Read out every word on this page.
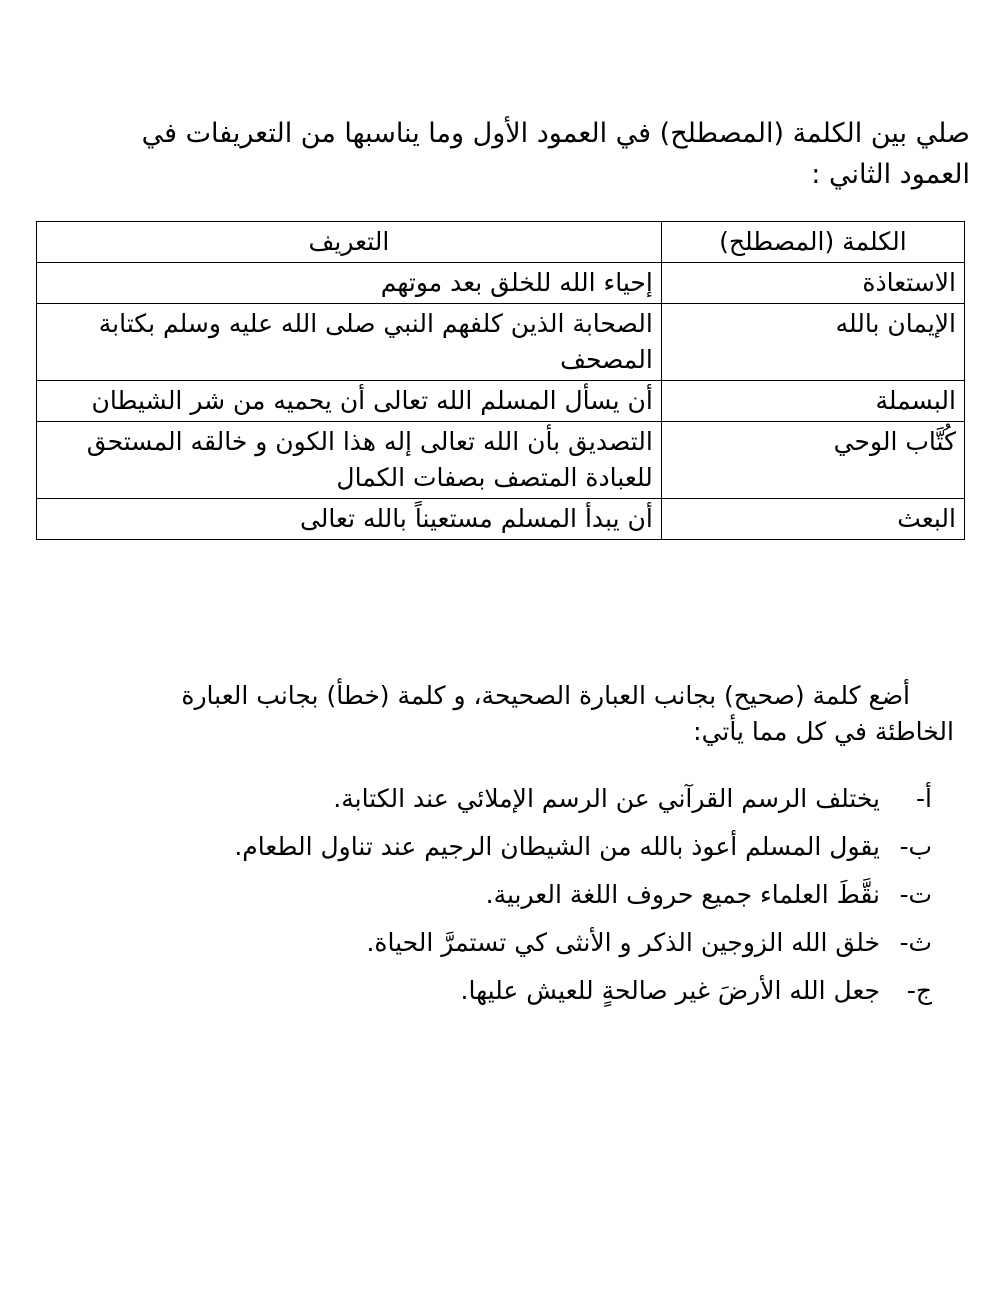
صلي بين الكلمة (المصطلح) في العمود الأول وما يناسبها من التعريفات في العمود الثاني :

الكلمة (المصطلح)	التعريف
الاستعاذة	إحياء الله للخلق بعد موتهم
الإيمان بالله	الصحابة الذين كلفهم النبي صلى الله عليه وسلم بكتابة المصحف
البسملة	أن يسأل المسلم الله تعالى أن يحميه من شر الشيطان
كُتَّاب الوحي	التصديق بأن الله تعالى إله هذا الكون و خالقه المستحق للعبادة المتصف بصفات الكمال
البعث	أن يبدأ المسلم مستعيناً بالله تعالى

أضع كلمة (صحيح) بجانب العبارة الصحيحة، و كلمة (خطأ) بجانب العبارة
الخاطئة في كل مما يأتي:

أ-
يختلف الرسم القرآني عن الرسم الإملائي عند الكتابة.
ب-
يقول المسلم أعوذ بالله من الشيطان الرجيم عند تناول الطعام.
ت-
نقَّطَ العلماء جميع حروف اللغة العربية.
ث-
خلق الله الزوجين الذكر و الأنثى كي تستمرَّ الحياة.
ج-
جعل الله الأرضَ غير صالحةٍ للعيش عليها.
